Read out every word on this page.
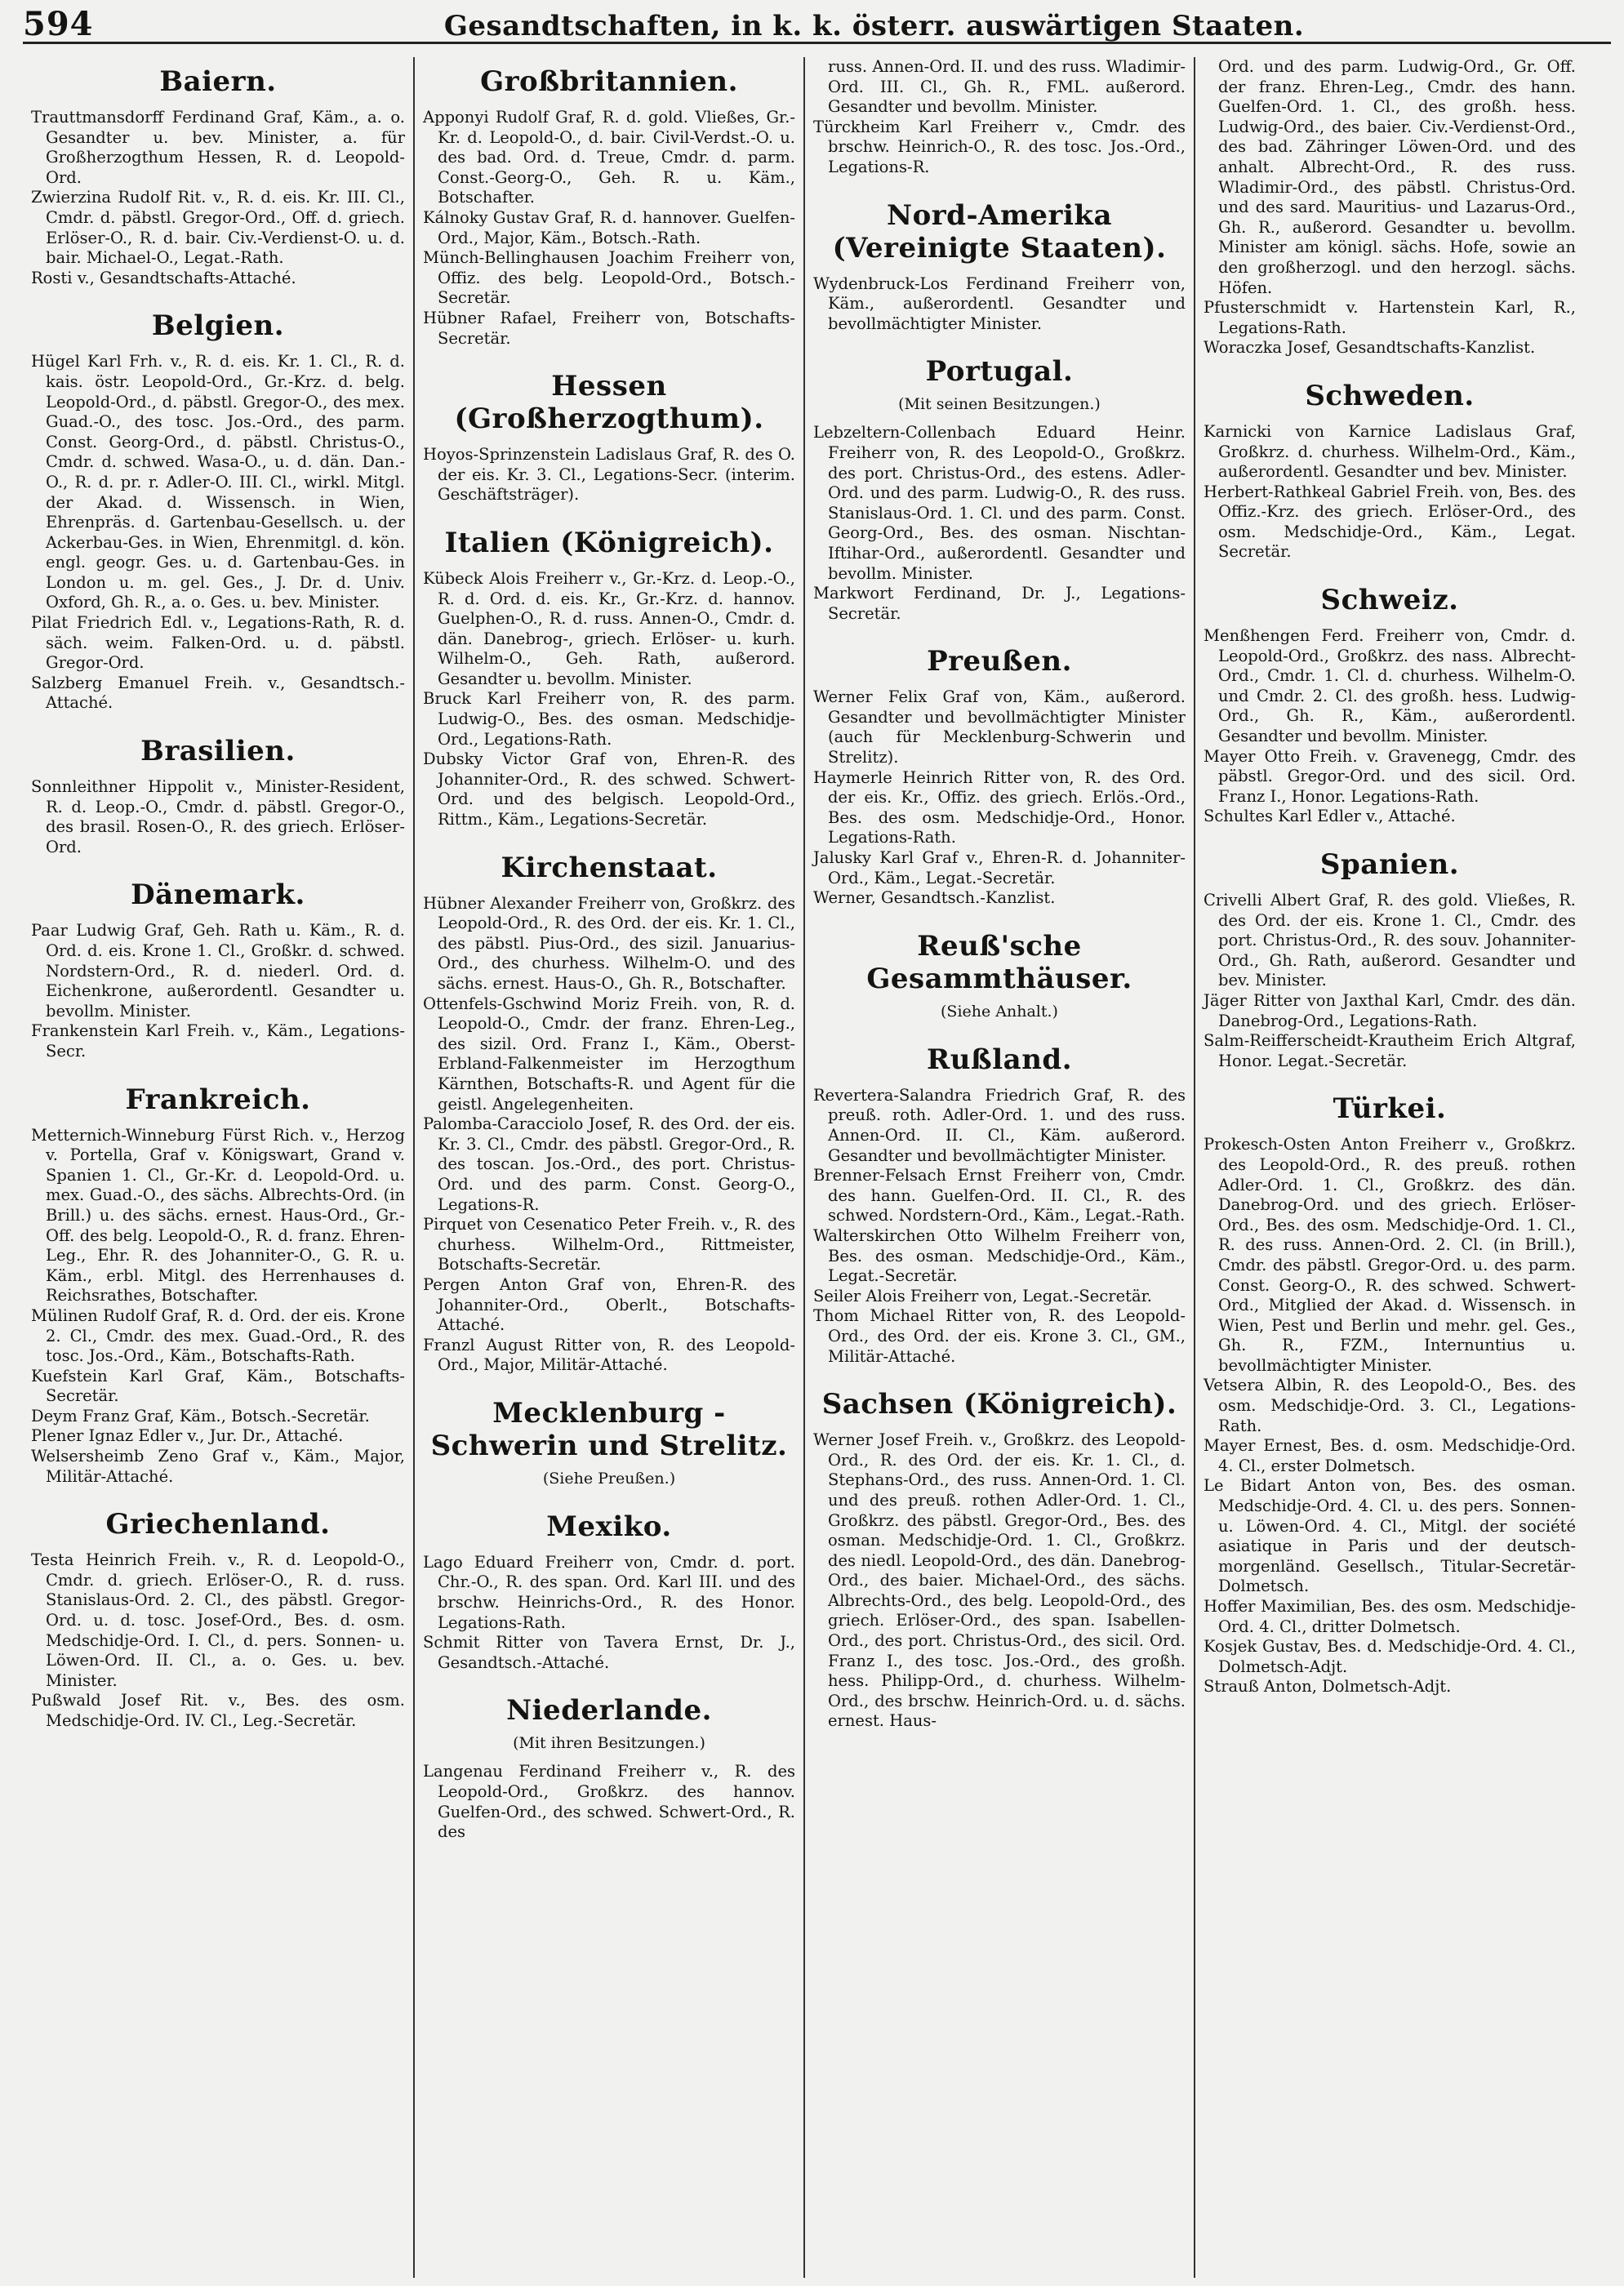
594	Gesandtschaften, in k. k. österr. auswärtigen Staaten.
Baiern.
Trauttmansdorff Ferdinand Graf, Käm., a. o. Gesandter u. bev. Minister, a. für Großherzogthum Hessen, R. d. Leopold-Ord.
Zwierzina Rudolf Rit. v., R. d. eis. Kr. III. Cl., Cmdr. d. päbstl. Gregor-Ord., Off. d. griech. Erlöser-O., R. d. bair. Civ.-Verdienst-O. u. d. bair. Michael-O., Legat.-Rath.
Rosti v., Gesandtschafts-Attaché.
Belgien.
Hügel Karl Frh. v., R. d. eis. Kr. 1. Cl., R. d. kais. östr. Leopold-Ord., Gr.-Krz. d. belg. Leopold-Ord., d. päbstl. Gregor-O., des mex. Guad.-O., des tosc. Jos.-Ord., des parm. Const. Georg-Ord., d. päbstl. Christus-O., Cmdr. d. schwed. Wasa-O., u. d. dän. Dan.-O., R. d. pr. r. Adler-O. III. Cl., wirkl. Mitgl. der Akad. d. Wissensch. in Wien, Ehrenpräs. d. Gartenbau-Gesellsch. u. der Ackerbau-Ges. in Wien, Ehrenmitgl. d. kön. engl. geogr. Ges. u. d. Gartenbau-Ges. in London u. m. gel. Ges., J. Dr. d. Univ. Oxford, Gh. R., a. o. Ges. u. bev. Minister.
Pilat Friedrich Edl. v., Legations-Rath, R. d. säch. weim. Falken-Ord. u. d. päbstl. Gregor-Ord.
Salzberg Emanuel Freih. v., Gesandtsch.-Attaché.
Brasilien.
Sonnleithner Hippolit v., Minister-Resident, R. d. Leop.-O., Cmdr. d. päbstl. Gregor-O., des brasil. Rosen-O., R. des griech. Erlöser-Ord.
Dänemark.
Paar Ludwig Graf, Geh. Rath u. Käm., R. d. Ord. d. eis. Krone 1. Cl., Großkr. d. schwed. Nordstern-Ord., R. d. niederl. Ord. d. Eichenkrone, außerordentl. Gesandter u. bevollm. Minister.
Frankenstein Karl Freih. v., Käm., Legations-Secr.
Frankreich.
Metternich-Winneburg Fürst Rich. v., Herzog v. Portella, Graf v. Königswart, Grand v. Spanien 1. Cl., Gr.-Kr. d. Leopold-Ord. u. mex. Guad.-O., des sächs. Albrechts-Ord. (in Brill.) u. des sächs. ernest. Haus-Ord., Gr.-Off. des belg. Leopold-O., R. d. franz. Ehren-Leg., Ehr. R. des Johanniter-O., G. R. u. Käm., erbl. Mitgl. des Herrenhauses d. Reichsrathes, Botschafter.
Mülinen Rudolf Graf, R. d. Ord. der eis. Krone 2. Cl., Cmdr. des mex. Guad.-Ord., R. des tosc. Jos.-Ord., Käm., Botschafts-Rath.
Kuefstein Karl Graf, Käm., Botschafts-Secretär.
Deym Franz Graf, Käm., Botsch.-Secretär.
Plener Ignaz Edler v., Jur. Dr., Attaché.
Welsersheimb Zeno Graf v., Käm., Major, Militär-Attaché.
Griechenland.
Testa Heinrich Freih. v., R. d. Leopold-O., Cmdr. d. griech. Erlöser-O., R. d. russ. Stanislaus-Ord. 2. Cl., des päbstl. Gregor-Ord. u. d. tosc. Josef-Ord., Bes. d. osm. Medschidje-Ord. I. Cl., d. pers. Sonnen- u. Löwen-Ord. II. Cl., a. o. Ges. u. bev. Minister.
Pußwald Josef Rit. v., Bes. des osm. Medschidje-Ord. IV. Cl., Leg.-Secretär.
Großbritannien.
Apponyi Rudolf Graf, R. d. gold. Vließes, Gr.-Kr. d. Leopold-O., d. bair. Civil-Verdst.-O. u. des bad. Ord. d. Treue, Cmdr. d. parm. Const.-Georg-O., Geh. R. u. Käm., Botschafter.
Kálnoky Gustav Graf, R. d. hannover. Guelfen-Ord., Major, Käm., Botsch.-Rath.
Münch-Bellinghausen Joachim Freiherr von, Offiz. des belg. Leopold-Ord., Botsch.-Secretär.
Hübner Rafael, Freiherr von, Botschafts-Secretär.
Hessen (Großherzogthum).
Hoyos-Sprinzenstein Ladislaus Graf, R. des O. der eis. Kr. 3. Cl., Legations-Secr. (interim. Geschäftsträger).
Italien (Königreich).
Kübeck Alois Freiherr v., Gr.-Krz. d. Leop.-O., R. d. Ord. d. eis. Kr., Gr.-Krz. d. hannov. Guelphen-O., R. d. russ. Annen-O., Cmdr. d. dän. Danebrog-, griech. Erlöser- u. kurh. Wilhelm-O., Geh. Rath, außerord. Gesandter u. bevollm. Minister.
Bruck Karl Freiherr von, R. des parm. Ludwig-O., Bes. des osman. Medschidje-Ord., Legations-Rath.
Dubsky Victor Graf von, Ehren-R. des Johanniter-Ord., R. des schwed. Schwert-Ord. und des belgisch. Leopold-Ord., Rittm., Käm., Legations-Secretär.
Kirchenstaat.
Hübner Alexander Freiherr von, Großkrz. des Leopold-Ord., R. des Ord. der eis. Kr. 1. Cl., des päbstl. Pius-Ord., des sizil. Januarius-Ord., des churhess. Wilhelm-O. und des sächs. ernest. Haus-O., Gh. R., Botschafter.
Ottenfels-Gschwind Moriz Freih. von, R. d. Leopold-O., Cmdr. der franz. Ehren-Leg., des sizil. Ord. Franz I., Käm., Oberst-Erbland-Falkenmeister im Herzogthum Kärnthen, Botschafts-R. und Agent für die geistl. Angelegenheiten.
Palomba-Caracciolo Josef, R. des Ord. der eis. Kr. 3. Cl., Cmdr. des päbstl. Gregor-Ord., R. des toscan. Jos.-Ord., des port. Christus-Ord. und des parm. Const. Georg-O., Legations-R.
Pirquet von Cesenatico Peter Freih. v., R. des churhess. Wilhelm-Ord., Rittmeister, Botschafts-Secretär.
Pergen Anton Graf von, Ehren-R. des Johanniter-Ord., Oberlt., Botschafts-Attaché.
Franzl August Ritter von, R. des Leopold-Ord., Major, Militär-Attaché.
Mecklenburg - Schwerin und Strelitz.
(Siehe Preußen.)
Mexiko.
Lago Eduard Freiherr von, Cmdr. d. port. Chr.-O., R. des span. Ord. Karl III. und des brschw. Heinrichs-Ord., R. des Honor. Legations-Rath.
Schmit Ritter von Tavera Ernst, Dr. J., Gesandtsch.-Attaché.
Niederlande.
(Mit ihren Besitzungen.)
Langenau Ferdinand Freiherr v., R. des Leopold-Ord., Großkrz. des hannov. Guelfen-Ord., des schwed. Schwert-Ord., R. des
russ. Annen-Ord. II. und des russ. Wladimir-Ord. III. Cl., Gh. R., FML. außerord. Gesandter und bevollm. Minister.
Türckheim Karl Freiherr v., Cmdr. des brschw. Heinrich-O., R. des tosc. Jos.-Ord., Legations-R.
Nord-Amerika (Vereinigte Staaten).
Wydenbruck-Los Ferdinand Freiherr von, Käm., außerordentl. Gesandter und bevollmächtigter Minister.
Portugal.
(Mit seinen Besitzungen.)
Lebzeltern-Collenbach Eduard Heinr. Freiherr von, R. des Leopold-O., Großkrz. des port. Christus-Ord., des estens. Adler-Ord. und des parm. Ludwig-O., R. des russ. Stanislaus-Ord. 1. Cl. und des parm. Const. Georg-Ord., Bes. des osman. Nischtan-Iftihar-Ord., außerordentl. Gesandter und bevollm. Minister.
Markwort Ferdinand, Dr. J., Legations-Secretär.
Preußen.
Werner Felix Graf von, Käm., außerord. Gesandter und bevollmächtigter Minister (auch für Mecklenburg-Schwerin und Strelitz).
Haymerle Heinrich Ritter von, R. des Ord. der eis. Kr., Offiz. des griech. Erlös.-Ord., Bes. des osm. Medschidje-Ord., Honor. Legations-Rath.
Jalusky Karl Graf v., Ehren-R. d. Johanniter-Ord., Käm., Legat.-Secretär.
Werner, Gesandtsch.-Kanzlist.
Reuß'sche Gesammthäuser.
(Siehe Anhalt.)
Rußland.
Revertera-Salandra Friedrich Graf, R. des preuß. roth. Adler-Ord. 1. und des russ. Annen-Ord. II. Cl., Käm. außerord. Gesandter und bevollmächtigter Minister.
Brenner-Felsach Ernst Freiherr von, Cmdr. des hann. Guelfen-Ord. II. Cl., R. des schwed. Nordstern-Ord., Käm., Legat.-Rath.
Walterskirchen Otto Wilhelm Freiherr von, Bes. des osman. Medschidje-Ord., Käm., Legat.-Secretär.
Seiler Alois Freiherr von, Legat.-Secretär.
Thom Michael Ritter von, R. des Leopold-Ord., des Ord. der eis. Krone 3. Cl., GM., Militär-Attaché.
Sachsen (Königreich).
Werner Josef Freih. v., Großkrz. des Leopold-Ord., R. des Ord. der eis. Kr. 1. Cl., d. Stephans-Ord., des russ. Annen-Ord. 1. Cl. und des preuß. rothen Adler-Ord. 1. Cl., Großkrz. des päbstl. Gregor-Ord., Bes. des osman. Medschidje-Ord. 1. Cl., Großkrz. des niedl. Leopold-Ord., des dän. Danebrog-Ord., des baier. Michael-Ord., des sächs. Albrechts-Ord., des belg. Leopold-Ord., des griech. Erlöser-Ord., des span. Isabellen-Ord., des port. Christus-Ord., des sicil. Ord. Franz I., des tosc. Jos.-Ord., des großh. hess. Philipp-Ord., d. churhess. Wilhelm-Ord., des brschw. Heinrich-Ord. u. d. sächs. ernest. Haus-
Ord. und des parm. Ludwig-Ord., Gr. Off. der franz. Ehren-Leg., Cmdr. des hann. Guelfen-Ord. 1. Cl., des großh. hess. Ludwig-Ord., des baier. Civ.-Verdienst-Ord., des bad. Zähringer Löwen-Ord. und des anhalt. Albrecht-Ord., R. des russ. Wladimir-Ord., des päbstl. Christus-Ord. und des sard. Mauritius- und Lazarus-Ord., Gh. R., außerord. Gesandter u. bevollm. Minister am königl. sächs. Hofe, sowie an den großherzogl. und den herzogl. sächs. Höfen.
Pfusterschmidt v. Hartenstein Karl, R., Legations-Rath.
Woraczka Josef, Gesandtschafts-Kanzlist.
Schweden.
Karnicki von Karnice Ladislaus Graf, Großkrz. d. churhess. Wilhelm-Ord., Käm., außerordentl. Gesandter und bev. Minister.
Herbert-Rathkeal Gabriel Freih. von, Bes. des Offiz.-Krz. des griech. Erlöser-Ord., des osm. Medschidje-Ord., Käm., Legat. Secretär.
Schweiz.
Menßhengen Ferd. Freiherr von, Cmdr. d. Leopold-Ord., Großkrz. des nass. Albrecht-Ord., Cmdr. 1. Cl. d. churhess. Wilhelm-O. und Cmdr. 2. Cl. des großh. hess. Ludwig-Ord., Gh. R., Käm., außerordentl. Gesandter und bevollm. Minister.
Mayer Otto Freih. v. Gravenegg, Cmdr. des päbstl. Gregor-Ord. und des sicil. Ord. Franz I., Honor. Legations-Rath.
Schultes Karl Edler v., Attaché.
Spanien.
Crivelli Albert Graf, R. des gold. Vließes, R. des Ord. der eis. Krone 1. Cl., Cmdr. des port. Christus-Ord., R. des souv. Johanniter-Ord., Gh. Rath, außerord. Gesandter und bev. Minister.
Jäger Ritter von Jaxthal Karl, Cmdr. des dän. Danebrog-Ord., Legations-Rath.
Salm-Reifferscheidt-Krautheim Erich Altgraf, Honor. Legat.-Secretär.
Türkei.
Prokesch-Osten Anton Freiherr v., Großkrz. des Leopold-Ord., R. des preuß. rothen Adler-Ord. 1. Cl., Großkrz. des dän. Danebrog-Ord. und des griech. Erlöser-Ord., Bes. des osm. Medschidje-Ord. 1. Cl., R. des russ. Annen-Ord. 2. Cl. (in Brill.), Cmdr. des päbstl. Gregor-Ord. u. des parm. Const. Georg-O., R. des schwed. Schwert-Ord., Mitglied der Akad. d. Wissensch. in Wien, Pest und Berlin und mehr. gel. Ges., Gh. R., FZM., Internuntius u. bevollmächtigter Minister.
Vetsera Albin, R. des Leopold-O., Bes. des osm. Medschidje-Ord. 3. Cl., Legations-Rath.
Mayer Ernest, Bes. d. osm. Medschidje-Ord. 4. Cl., erster Dolmetsch.
Le Bidart Anton von, Bes. des osman. Medschidje-Ord. 4. Cl. u. des pers. Sonnen- u. Löwen-Ord. 4. Cl., Mitgl. der société asiatique in Paris und der deutsch-morgenländ. Gesellsch., Titular-Secretär-Dolmetsch.
Hoffer Maximilian, Bes. des osm. Medschidje-Ord. 4. Cl., dritter Dolmetsch.
Kosjek Gustav, Bes. d. Medschidje-Ord. 4. Cl., Dolmetsch-Adjt.
Strauß Anton, Dolmetsch-Adjt.
